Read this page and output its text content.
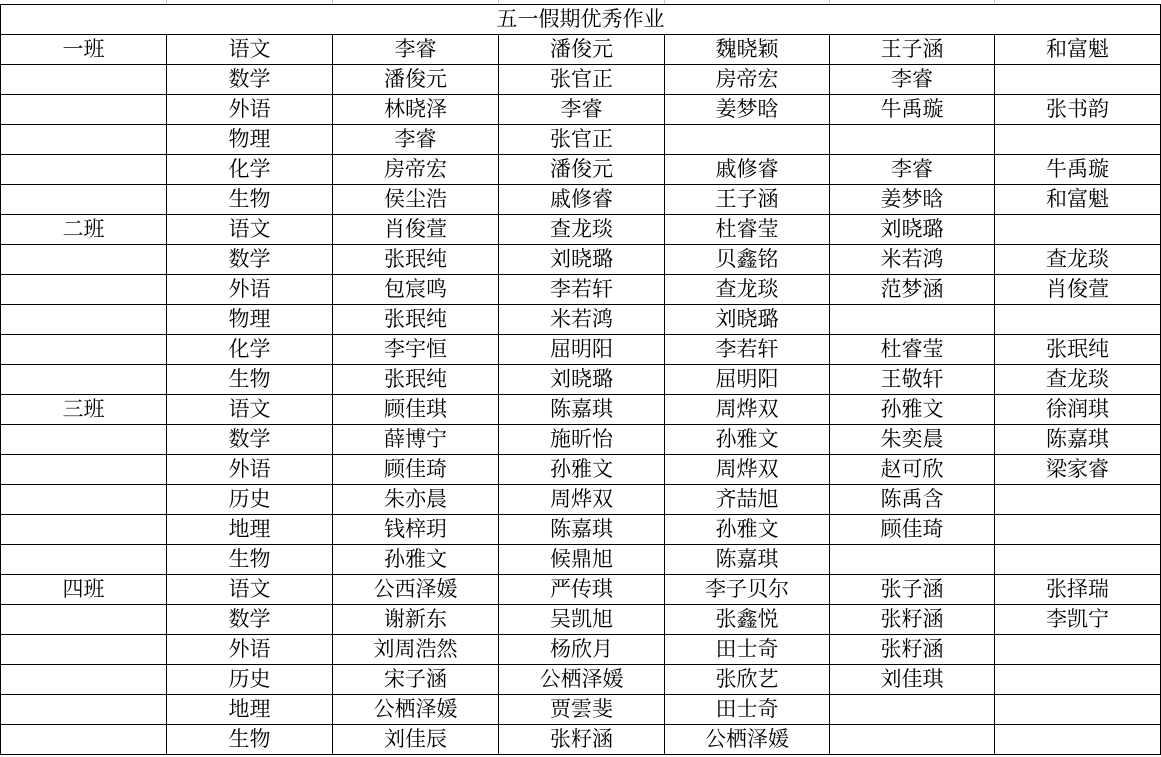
五一假期优秀作业						
一班	语文	李睿	潘俊元	魏晓颖	王子涵	和富魁
	数学	潘俊元	张官正	房帝宏	李睿	
	外语	林晓泽	李睿	姜梦晗	牛禹璇	张书韵
	物理	李睿	张官正			
	化学	房帝宏	潘俊元	戚修睿	李睿	牛禹璇
	生物	侯尘浩	戚修睿	王子涵	姜梦晗	和富魁
二班	语文	肖俊萱	查龙琰	杜睿莹	刘晓璐	
	数学	张珉纯	刘晓璐	贝鑫铭	米若鸿	查龙琰
	外语	包宸鸣	李若轩	查龙琰	范梦涵	肖俊萱
	物理	张珉纯	米若鸿	刘晓璐		
	化学	李宇恒	屈明阳	李若轩	杜睿莹	张珉纯
	生物	张珉纯	刘晓璐	屈明阳	王敬轩	查龙琰
三班	语文	顾佳琪	陈嘉琪	周烨双	孙雅文	徐润琪
	数学	薛博宁	施昕怡	孙雅文	朱奕晨	陈嘉琪
	外语	顾佳琦	孙雅文	周烨双	赵可欣	梁家睿
	历史	朱亦晨	周烨双	齐喆旭	陈禹含	
	地理	钱梓玥	陈嘉琪	孙雅文	顾佳琦	
	生物	孙雅文	候鼎旭	陈嘉琪		
四班	语文	公西泽媛	严传琪	李子贝尔	张子涵	张择瑞
	数学	谢新东	吴凯旭	张鑫悦	张籽涵	李凯宁
	外语	刘周浩然	杨欣月	田士奇	张籽涵	
	历史	宋子涵	公栖泽媛	张欣艺	刘佳琪	
	地理	公栖泽媛	贾雲斐	田士奇		
	生物	刘佳辰	张籽涵	公栖泽媛		
